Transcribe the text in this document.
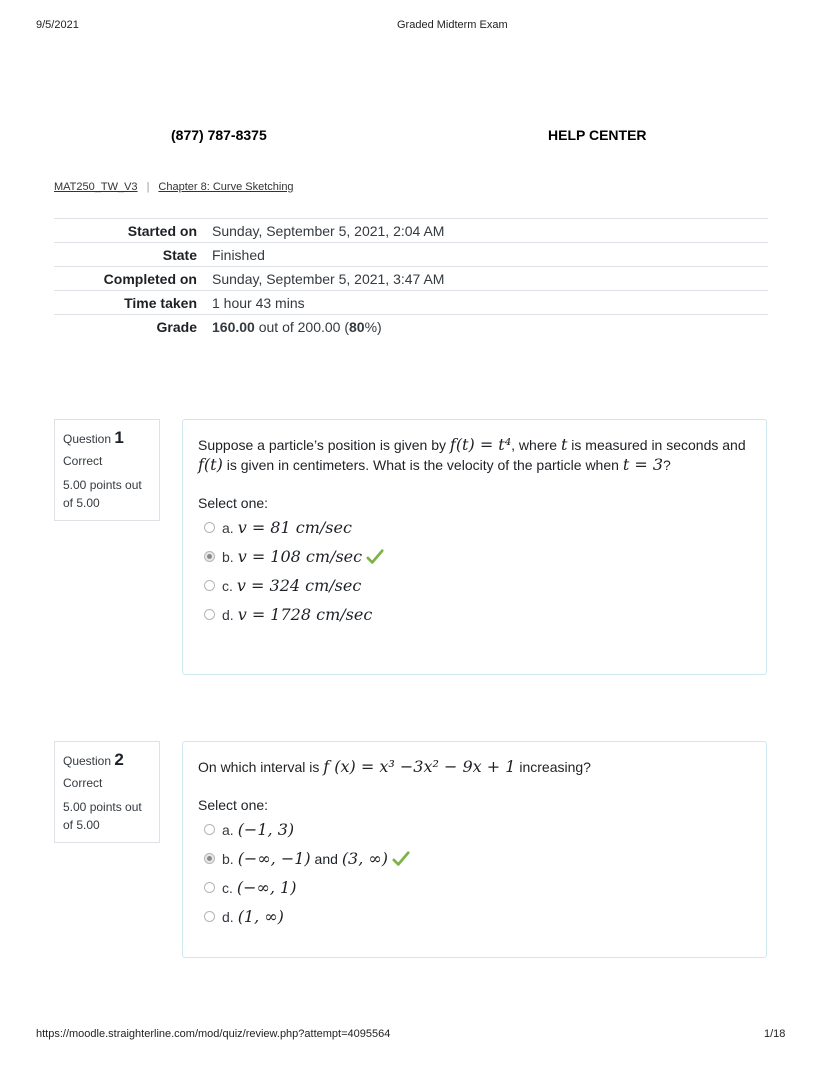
9/5/2021	Graded Midterm Exam
(877) 787-8375	HELP CENTER
MAT250_TW_V3 | Chapter 8: Curve Sketching
Started on	Sunday, September 5, 2021, 2:04 AM
State	Finished
Completed on	Sunday, September 5, 2021, 3:47 AM
Time taken	1 hour 43 mins
Grade	160.00 out of 200.00 (80%)
Question 1
Correct
5.00 points out of 5.00
Suppose a particle’s position is given by f(t) = t⁴, where t is measured in seconds and f(t) is given in centimeters. What is the velocity of the particle when t = 3?
Select one:
a. v = 81 cm/sec
b. v = 108 cm/sec
c. v = 324 cm/sec
d. v = 1728 cm/sec
Question 2
Correct
5.00 points out of 5.00
On which interval is f (x) = x³ −3x² − 9x + 1 increasing?
Select one:
a. (−1, 3)
b. (−∞, −1) and (3, ∞)
c. (−∞, 1)
d. (1, ∞)
https://moodle.straighterline.com/mod/quiz/review.php?attempt=4095564	1/18
